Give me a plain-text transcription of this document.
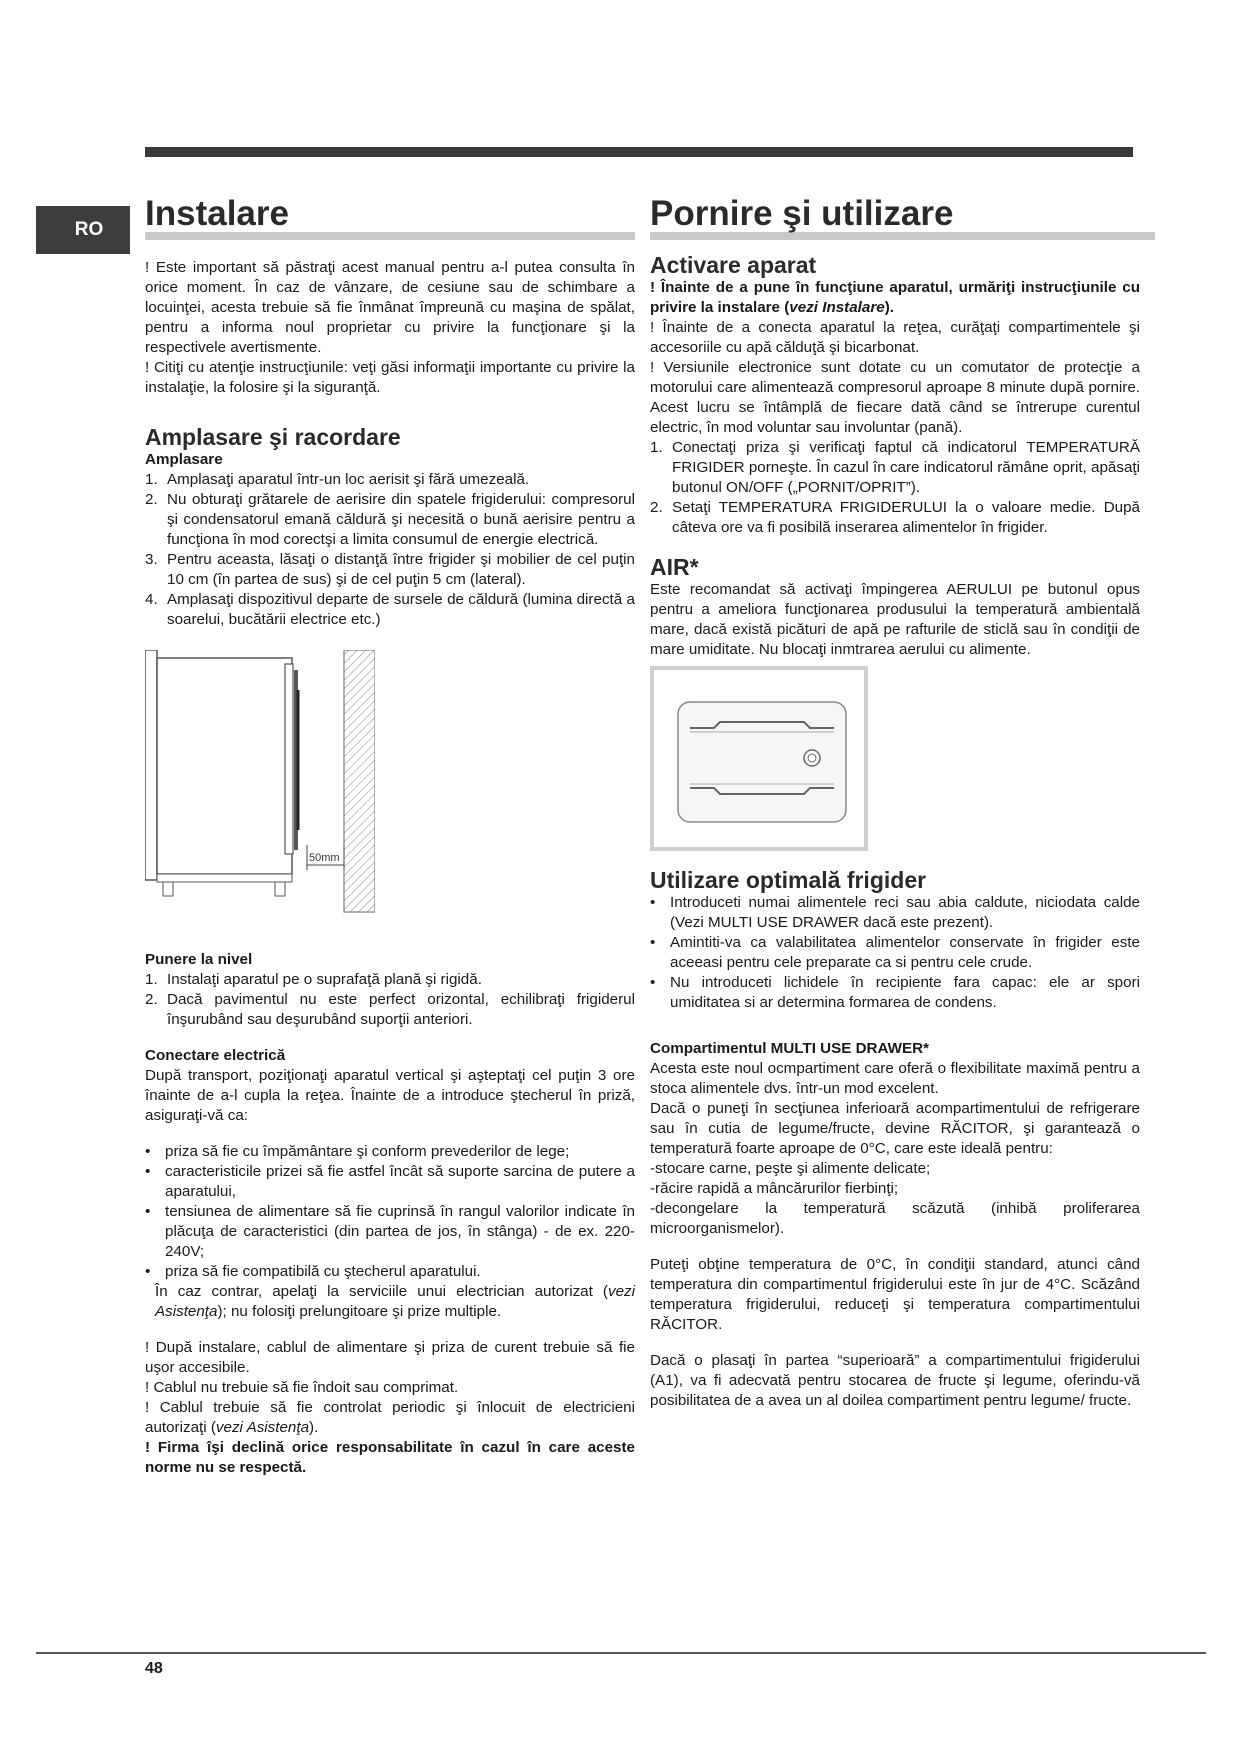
RO Instalare

! Este important să păstraţi acest manual pentru a-l putea consulta în orice moment. În caz de vânzare, de cesiune sau de schimbare a locuinţei, acesta trebuie să fie înmânat împreună cu maşina de spălat, pentru a informa noul proprietar cu privire la funcţionare şi la respectivele avertismente.

! Citiţi cu atenţie instrucţiunile: veţi găsi informaţii importante cu privire la instalaţie, la folosire şi la siguranţă.

Amplasare şi racordare
Amplasare
1. Amplasaţi aparatul într-un loc aerisit şi fără umezeală.
2. Nu obturaţi grătarele de aerisire din spatele frigiderului: compresorul şi condensatorul emană căldură şi necesită o bună aerisire pentru a funcţiona în mod corectşi a limita consumul de energie electrică.
3. Pentru aceasta, lăsaţi o distanţă între frigider şi mobilier de cel puţin 10 cm (în partea de sus) şi de cel puţin 5 cm (lateral).
4. Amplasaţi dispozitivul departe de sursele de căldură (lumina directă a soarelui, bucătării electrice etc.)
50mm
Punere la nivel
1. Instalaţi aparatul pe o suprafaţă plană şi rigidă.
2. Dacă pavimentul nu este perfect orizontal, echilibraţi frigiderul înşurubând sau deşurubând suporţii anteriori.
Conectare electrică

După transport, poziţionaţi aparatul vertical şi aşteptaţi cel puţin 3 ore înainte de a-l cupla la reţea. Înainte de a introduce ştecherul în priză, asiguraţi-vă ca:

• priza să fie cu împământare şi conform prevederilor de lege;
• caracteristicile prizei să fie astfel încât să suporte sarcina de putere a aparatului,
• tensiunea de alimentare să fie cuprinsă în rangul valorilor indicate în plăcuţa de caracteristici (din partea de jos, în stânga) - de ex. 220-240V;
• priza să fie compatibilă cu ştecherul aparatului.

În caz contrar, apelaţi la serviciile unui electrician autorizat (vezi Asistenţa); nu folosiţi prelungitoare şi prize multiple.

! După instalare, cablul de alimentare şi priza de curent trebuie să fie uşor accesibile.

! Cablul nu trebuie să fie îndoit sau comprimat.

! Cablul trebuie să fie controlat periodic şi înlocuit de electricieni autorizaţi (vezi Asistenţa).

! Firma îşi declină orice responsabilitate în cazul în care aceste norme nu se respectă.

Pornire şi utilizare
Activare aparat

! Înainte de a pune în funcţiune aparatul, urmăriţi instrucţiunile cu privire la instalare (vezi Instalare).

! Înainte de a conecta aparatul la reţea, curăţaţi compartimentele şi accesoriile cu apă călduţă şi bicarbonat.

! Versiunile electronice sunt dotate cu un comutator de protecţie a motorului care alimentează compresorul aproape 8 minute după pornire. Acest lucru se întâmplă de fiecare dată când se întrerupe curentul electric, în mod voluntar sau involuntar (pană).

1. Conectaţi priza şi verificaţi faptul că indicatorul TEMPERATURĂ FRIGIDER porneşte. În cazul în care indicatorul rămâne oprit, apăsaţi butonul ON/OFF („PORNIT/OPRIT”).
2. Setaţi TEMPERATURA FRIGIDERULUI la o valoare medie. După câteva ore va fi posibilă inserarea alimentelor în frigider.
AIR*

Este recomandat să activaţi împingerea AERULUI pe butonul opus pentru a ameliora funcţionarea produsului la temperatură ambientală mare, dacă există picături de apă pe rafturile de sticlă sau în condiţii de mare umiditate. Nu blocaţi inmtrarea aerului cu alimente.

Utilizare optimală frigider
• Introduceti numai alimentele reci sau abia caldute, niciodata calde (Vezi MULTI USE DRAWER dacă este prezent).
• Amintiti-va ca valabilitatea alimentelor conservate în frigider este aceeasi pentru cele preparate ca si pentru cele crude.
• Nu introduceti lichidele în recipiente fara capac: ele ar spori umiditatea si ar determina formarea de condens.
Compartimentul MULTI USE DRAWER*

Acesta este noul ocmpartiment care oferă o flexibilitate maximă pentru a stoca alimentele dvs. într-un mod excelent.

Dacă o puneţi în secţiunea inferioară acompartimentului de refrigerare sau în cutia de legume/fructe, devine RĂCITOR, şi garantează o temperatură foarte aproape de 0°C, care este ideală pentru:

-stocare carne, peşte şi alimente delicate;

-răcire rapidă a mâncărurilor fierbinţi;

-decongelare la temperatură scăzută (inhibă proliferarea microorganismelor).

Puteţi obţine temperatura de 0°C, în condiţii standard, atunci când temperatura din compartimentul frigiderului este în jur de 4°C. Scăzând temperatura frigiderului, reduceţi şi temperatura compartimentului RĂCITOR.

Dacă o plasaţi în partea “superioară” a compartimentului frigiderului (A1), va fi adecvată pentru stocarea de fructe şi legume, oferindu-vă posibilitatea de a avea un al doilea compartiment pentru legume/ fructe.

48
